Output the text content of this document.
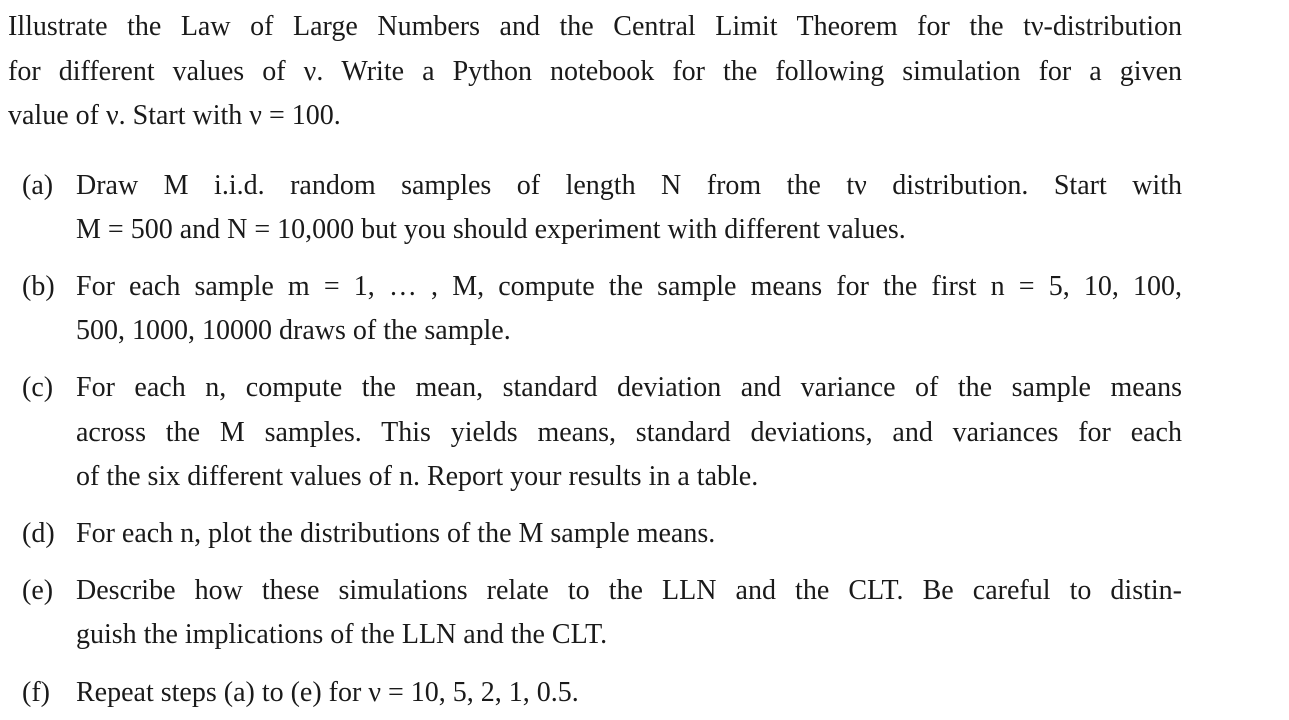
Illustrate the Law of Large Numbers and the Central Limit Theorem for the tν-distribution
for different values of ν. Write a Python notebook for the following simulation for a given
value of ν. Start with ν = 100.
(a) Draw M i.i.d. random samples of length N from the tν distribution. Start with
M = 500 and N = 10,000 but you should experiment with different values.
(b) For each sample m = 1, … , M, compute the sample means for the first n = 5, 10, 100,
500, 1000, 10000 draws of the sample.
(c) For each n, compute the mean, standard deviation and variance of the sample means
across the M samples. This yields means, standard deviations, and variances for each
of the six different values of n. Report your results in a table.
(d) For each n, plot the distributions of the M sample means.
(e) Describe how these simulations relate to the LLN and the CLT. Be careful to distin-
guish the implications of the LLN and the CLT.
(f) Repeat steps (a) to (e) for ν = 10, 5, 2, 1, 0.5.
